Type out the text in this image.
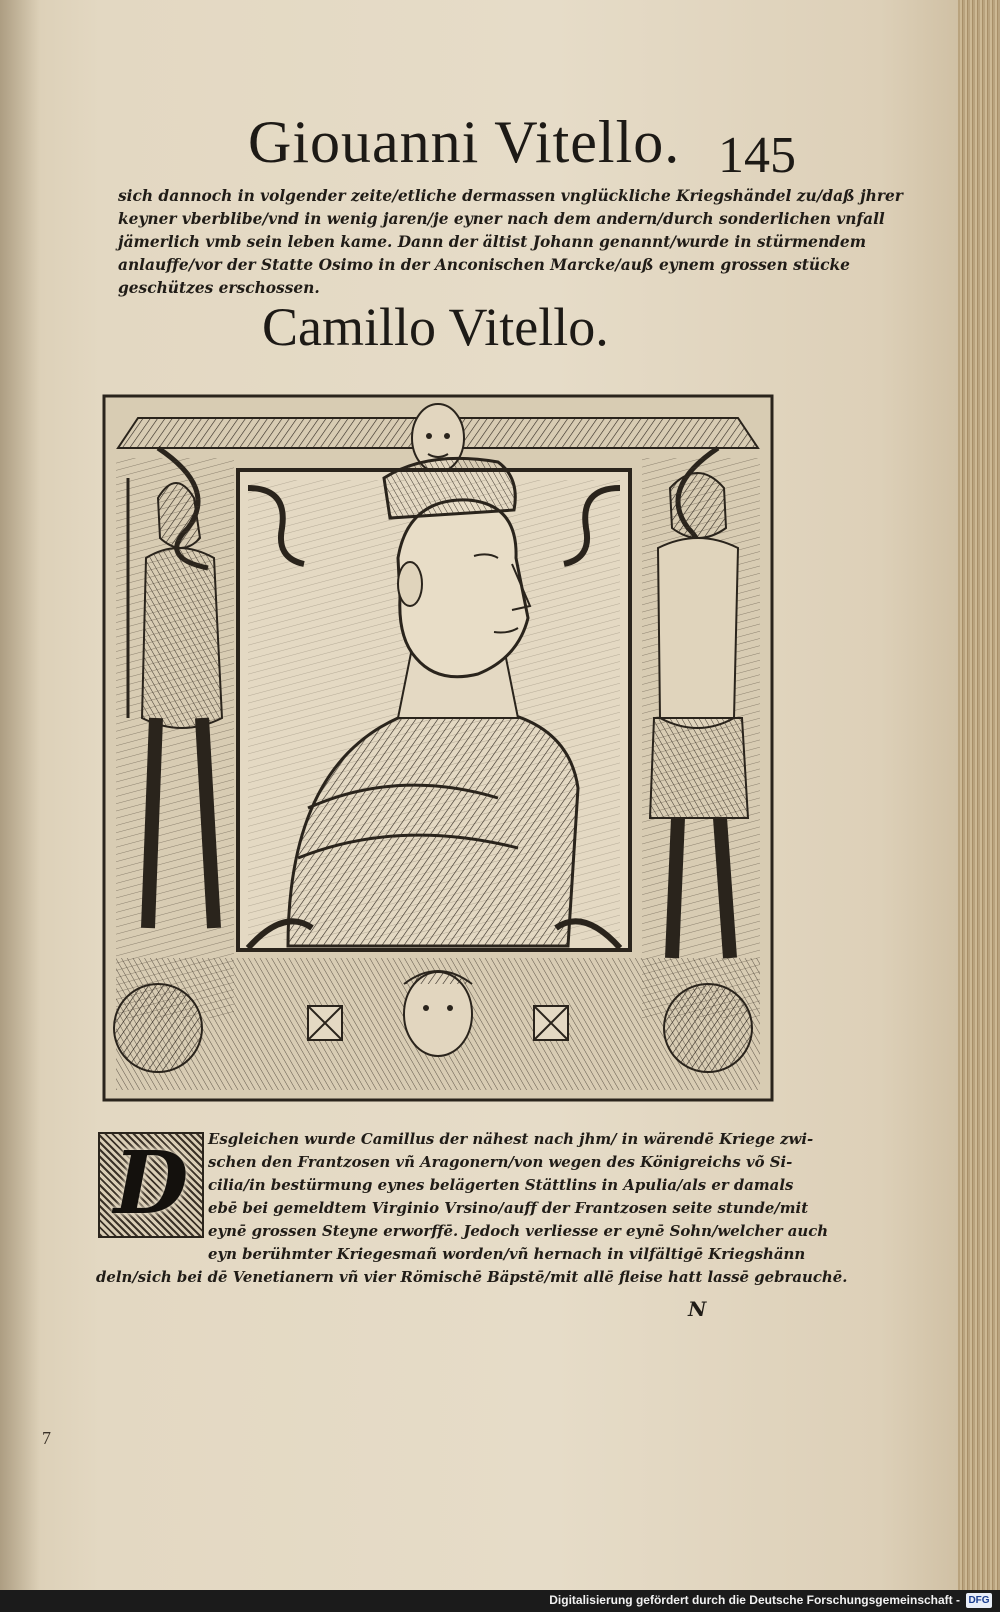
Giouanni Vitello. 145
sich dannoch in volgender zeite/etliche dermassen vnglückliche Kriegshändel zu/daß jhrer
keyner vberblibe/vnd in wenig jaren/je eyner nach dem andern/durch sonderlichen vnfall
jämerlich vmb sein leben kame. Dann der ältist Johann genannt/wurde in stürmendem
anlauffe/vor der Statte Osimo in der Anconischen Marcke/auß eynem grossen stücke
geschützes erschossen.
Camillo Vitello.
D	Esgleichen wurde Camillus der nähest nach jhm/ in wärendē Kriege zwi-
schen den Frantzosen vñ Aragonern/von wegen des Königreichs võ Si-
cilia/in bestürmung eynes belägerten Stättlins in Apulia/als er damals
ebē bei gemeldtem Virginio Vrsino/auff der Frantzosen seite stunde/mit
eynē grossen Steyne erworffē. Jedoch verliesse er eynē Sohn/welcher auch
eyn berühmter Kriegesmañ worden/vñ hernach in vilfältigē Kriegshänn
deln/sich bei dē Venetianern vñ vier Römischē Bäpstē/mit allē fleise hatt lassē gebrauchē.
N
7
Digitalisierung gefördert durch die Deutsche Forschungsgemeinschaft - DFG
